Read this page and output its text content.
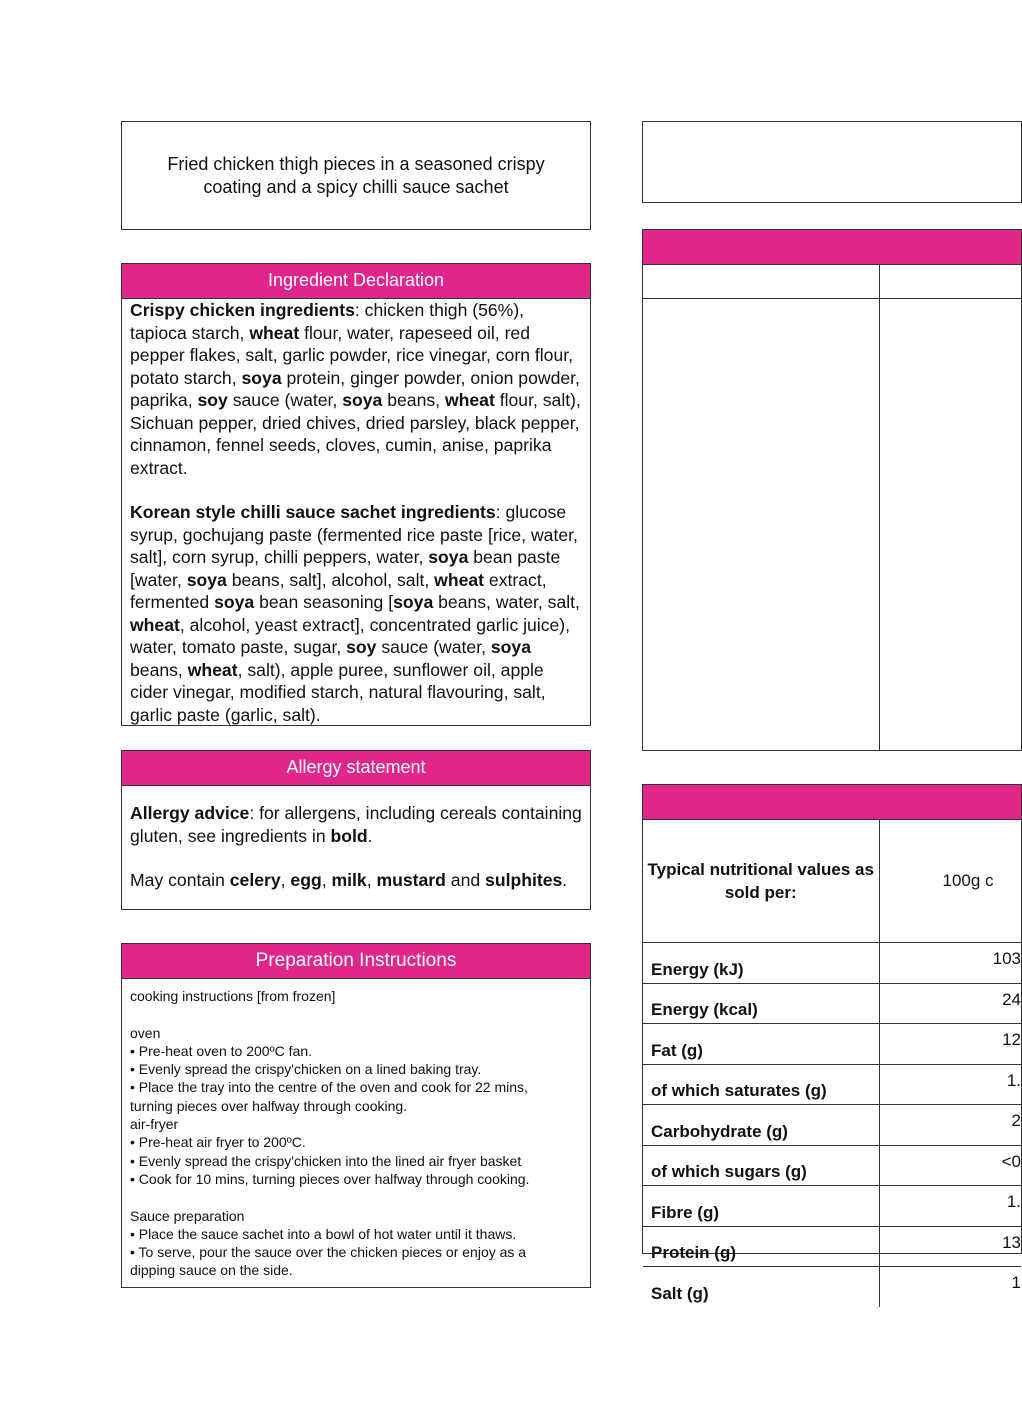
Fried chicken thigh pieces in a seasoned crispy coating and a spicy chilli sauce sachet
Ingredient Declaration

Crispy chicken ingredients: chicken thigh (56%), tapioca starch, wheat flour, water, rapeseed oil, red pepper flakes, salt, garlic powder, rice vinegar, corn flour, potato starch, soya protein, ginger powder, onion powder, paprika, soy sauce (water, soya beans, wheat flour, salt), Sichuan pepper, dried chives, dried parsley, black pepper, cinnamon, fennel seeds, cloves, cumin, anise, paprika extract.

Korean style chilli sauce sachet ingredients: glucose syrup, gochujang paste (fermented rice paste [rice, water, salt], corn syrup, chilli peppers, water, soya bean paste [water, soya beans, salt], alcohol, salt, wheat extract, fermented soya bean seasoning [soya beans, water, salt, wheat, alcohol, yeast extract], concentrated garlic juice), water, tomato paste, sugar, soy sauce (water, soya beans, wheat, salt), apple puree, sunflower oil, apple cider vinegar, modified starch, natural flavouring, salt, garlic paste (garlic, salt).

Allergy statement

Allergy advice: for allergens, including cereals containing gluten, see ingredients in bold.

May contain celery, egg, milk, mustard and sulphites.

Preparation Instructions
cooking instructions [from frozen]
oven
• Pre-heat oven to 200ºC fan.
• Evenly spread the crispy'chicken on a lined baking tray.
• Place the tray into the centre of the oven and cook for 22 mins,
turning pieces over halfway through cooking.
air-fryer
• Pre-heat air fryer to 200ºC.
• Evenly spread the crispy'chicken into the lined air fryer basket
• Cook for 10 mins, turning pieces over halfway through cooking.
Sauce preparation
• Place the sauce sachet into a bowl of hot water until it thaws.
• To serve, pour the sauce over the chicken pieces or enjoy as a
dipping sauce on the side.
Typical nutritional values as sold per:	100g c
Energy (kJ)	103
Energy (kcal)	24
Fat (g)	12
of which saturates (g)	1.
Carbohydrate (g)	2
of which sugars (g)	<0
Fibre (g)	1.
Protein (g)	13
Salt (g)	1
